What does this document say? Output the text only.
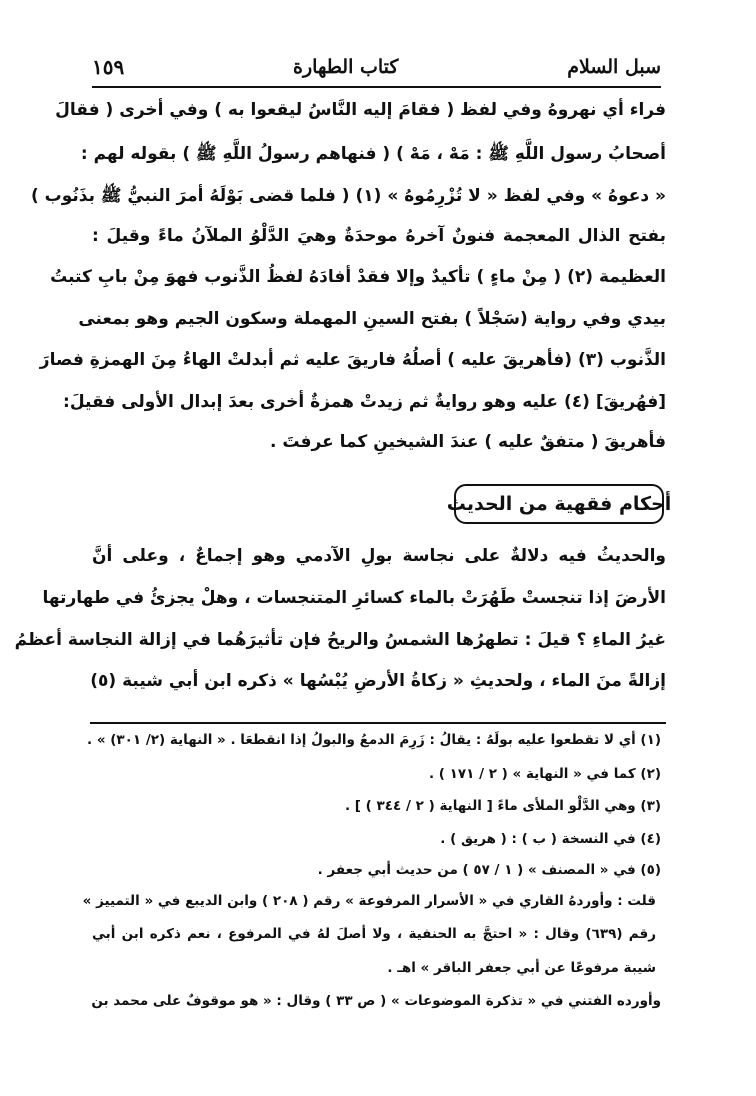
سبل السلام
كتاب الطهارة
١٥٩
فراء أي نهروهُ وفي لفظ ( فقامَ إليه النَّاسُ ليقعوا به ) وفي أخرى ( فقالَ
أصحابُ رسول اللَّهِ ﷺ : مَهْ ، مَهْ ) ( فنهاهم رسولُ اللَّهِ ﷺ ) بقوله لهم :
« دعوهُ » وفي لفظ « لا تُزْرِمُوهُ » (١) ( فلما قضى بَوْلَهُ أمرَ النبيُّ ﷺ بذَنُوب )
بفتح الذال المعجمة فنونٌ آخرهُ موحدَةٌ وهيَ الدَّلْوُ الملآنُ ماءً وقيلَ :
العظيمة (٢) ( مِنْ ماءٍ ) تأكيدٌ وإلا فقدْ أفادَهُ لفظُ الذَّنوب فهوَ مِنْ بابِ كتبتُ
بيدي وفي رواية (سَجْلاً ) بفتح السينِ المهملة وسكون الجيم وهو بمعنى
الذَّنوب (٣) (فأهريقَ عليه ) أصلُهُ فاريقَ عليه ثم أبدلتْ الهاءُ مِنَ الهمزةِ فصارَ
[فهُريقَ] (٤) عليه وهو روايةٌ ثم زيدتْ همزةٌ أخرى بعدَ إبدال الأولى فقيلَ:
فأهريقَ ( متفقٌ عليه ) عندَ الشيخينِ كما عرفتَ .
أحكام فقهية من الحديث
والحديثُ فيه دلالةٌ على نجاسة بولِ الآدمي وهو إجماعٌ ، وعلى أنَّ
الأرضَ إذا تنجستْ طَهُرَتْ بالماء كسائرِ المتنجسات ، وهلْ يجزئُ في طهارتها
غيرُ الماءِ ؟ قيلَ : تطهرُها الشمسُ والريحُ فإن تأثيرَهُما في إزالة النجاسة أعظمُ
إزالةً منَ الماء ، ولحديثِ « زكاةُ الأرضِ يُبْسُها » ذكره ابن أبي شيبة (٥)
(١) أي لا تقطعوا عليه بولَهُ : يقالُ : زَرِمَ الدمعُ والبولُ إذا انقطعَا . « النهاية (٢/ ٣٠١) » .
(٢) كما في « النهاية » ( ٢ / ١٧١ ) .
(٣) وهي الدَّلْو الملأى ماءً [ النهاية ( ٢ / ٣٤٤ ) ] .
(٤) في النسخة ( ب ) : ( هريق ) .
(٥) في « المصنف » ( ١ / ٥٧ ) من حديث أبي جعفر .
قلت : وأوردهُ القاري في « الأسرار المرفوعة » رقم ( ٢٠٨ ) وابن الديبع في « التمييز »
رقم (٦٣٩) وقال : « احتجَّ به الحنفية ، ولا أصلَ لهُ في المرفوع ، نعم ذكره ابن أبي
شيبة مرفوعًا عن أبي جعفر الباقر » اهـ .
وأورده الفتني في « تذكرة الموضوعات » ( ص ٣٣ ) وقال : « هو موقوفٌ على محمد بن
